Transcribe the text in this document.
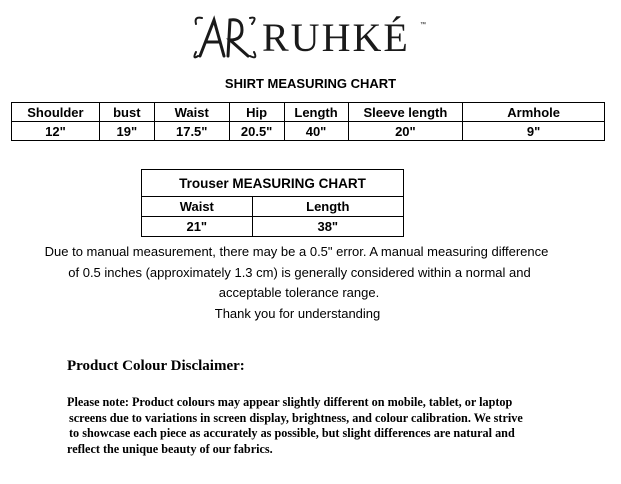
RUHKÉ ™
SHIRT MEASURING CHART
Shoulder	bust	Waist	Hip	Length	Sleeve length	Armhole
12"	19"	17.5"	20.5"	40"	20"	9"
Trouser MEASURING CHART	
Waist	Length
21"	38"
Due to manual measurement, there may be a 0.5" error. A manual measuring difference
of 0.5 inches (approximately 1.3 cm) is generally considered within a normal and
acceptable tolerance range.
Thank you for understanding
Product Colour Disclaimer:
Please note: Product colours may appear slightly different on mobile, tablet, or laptop
screens due to variations in screen display, brightness, and colour calibration. We strive
to showcase each piece as accurately as possible, but slight differences are natural and
reflect the unique beauty of our fabrics.
